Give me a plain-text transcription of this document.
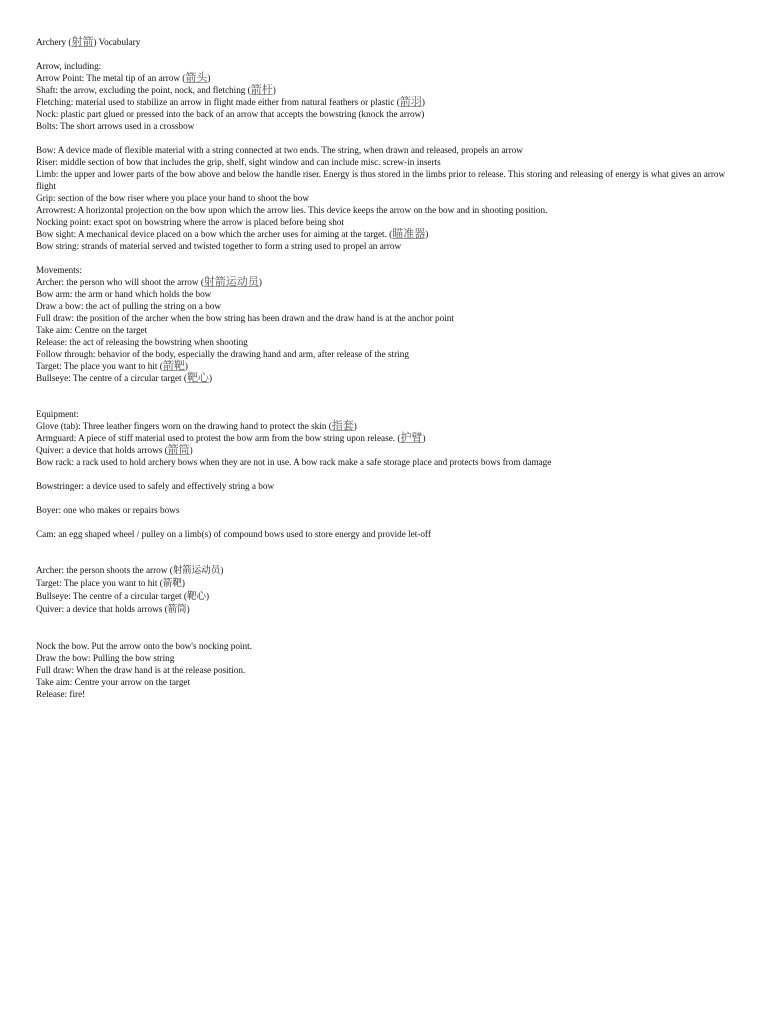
Archery (射箭) Vocabulary
Arrow, including:
Arrow Point: The metal tip of an arrow (箭头)
Shaft: the arrow, excluding the point, nock, and fletching (箭杆)
Fletching: material used to stabilize an arrow in flight made either from natural feathers or plastic (箭羽)
Nock: plastic part glued or pressed into the back of an arrow that accepts the bowstring (knock the arrow)
Bolts: The short arrows used in a crossbow
Bow: A device made of flexible material with a string connected at two ends. The string, when drawn and released, propels an arrow
Riser: middle section of bow that includes the grip, shelf, sight window and can include misc. screw-in inserts
Limb: the upper and lower parts of the bow above and below the handle riser. Energy is thus stored in the limbs prior to release. This storing and releasing of energy is what gives an arrow flight
Grip: section of the bow riser where you place your hand to shoot the bow
Arrowrest: A horizontal projection on the bow upon which the arrow lies. This device keeps the arrow on the bow and in shooting position.
Nocking point: exact spot on bowstring where the arrow is placed before being shot
Bow sight: A mechanical device placed on a bow which the archer uses for aiming at the target. (瞄准器)
Bow string: strands of material served and twisted together to form a string used to propel an arrow
Movements:
Archer: the person who will shoot the arrow (射箭运动员)
Bow arm: the arm or hand which holds the bow
Draw a bow: the act of pulling the string on a bow
Full draw: the position of the archer when the bow string has been drawn and the draw hand is at the anchor point
Take aim: Centre on the target
Release: the act of releasing the bowstring when shooting
Follow through: behavior of the body, especially the drawing hand and arm, after release of the string
Target: The place you want to hit (箭靶)
Bullseye: The centre of a circular target (靶心)
Equipment:
Glove (tab): Three leather fingers worn on the drawing hand to protect the skin (指套)
Armguard: A piece of stiff material used to protest the bow arm from the bow string upon release. (护臂)
Quiver: a device that holds arrows (箭筒)
Bow rack: a rack used to hold archery bows when they are not in use. A bow rack make a safe storage place and protects bows from damage
Bowstringer: a device used to safely and effectively string a bow
Boyer: one who makes or repairs bows
Cam: an egg shaped wheel / pulley on a limb(s) of compound bows used to store energy and provide let-off
Archer: the person shoots the arrow (射箭运动员)
Target: The place you want to hit (箭靶)
Bullseye: The centre of a circular target (靶心)
Quiver: a device that holds arrows (箭筒)
Nock the bow. Put the arrow onto the bow's nocking point.
Draw the bow: Pulling the bow string
Full draw: When the draw hand is at the release position.
Take aim: Centre your arrow on the target
Release: fire!
